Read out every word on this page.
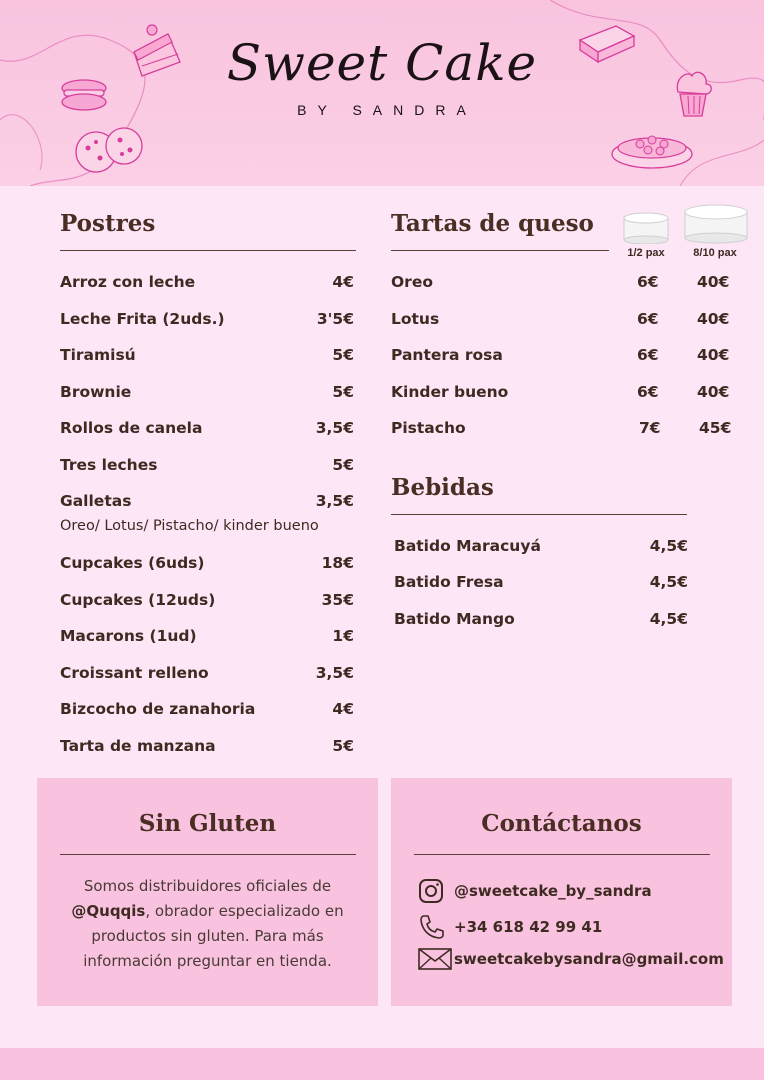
Sweet Cake
BY SANDRA
Postres
Arroz con leche	4€
Leche Frita (2uds.)	3'5€
Tiramisú	5€
Brownie	5€
Rollos de canela	3,5€
Tres leches	5€
Galletas	3,5€
Oreo/ Lotus/ Pistacho/ kinder bueno
Cupcakes (6uds)	18€
Cupcakes (12uds)	35€
Macarons (1ud)	1€
Croissant relleno	3,5€
Bizcocho de zanahoria	4€
Tarta de manzana	5€
Tartas de queso
1/2 pax	8/10 pax
Oreo	6€ 40€
Lotus	6€ 40€
Pantera rosa	6€ 40€
Kinder bueno	6€ 40€
Pistacho	7€ 45€
Bebidas
Batido Maracuyá	4,5€
Batido Fresa	4,5€
Batido Mango	4,5€
Sin Gluten
Somos distribuidores oficiales de
@Quqqis, obrador especializado en
productos sin gluten. Para más
información preguntar en tienda.
Contáctanos
@sweetcake_by_sandra
+34 618 42 99 41
sweetcakebysandra@gmail.com
